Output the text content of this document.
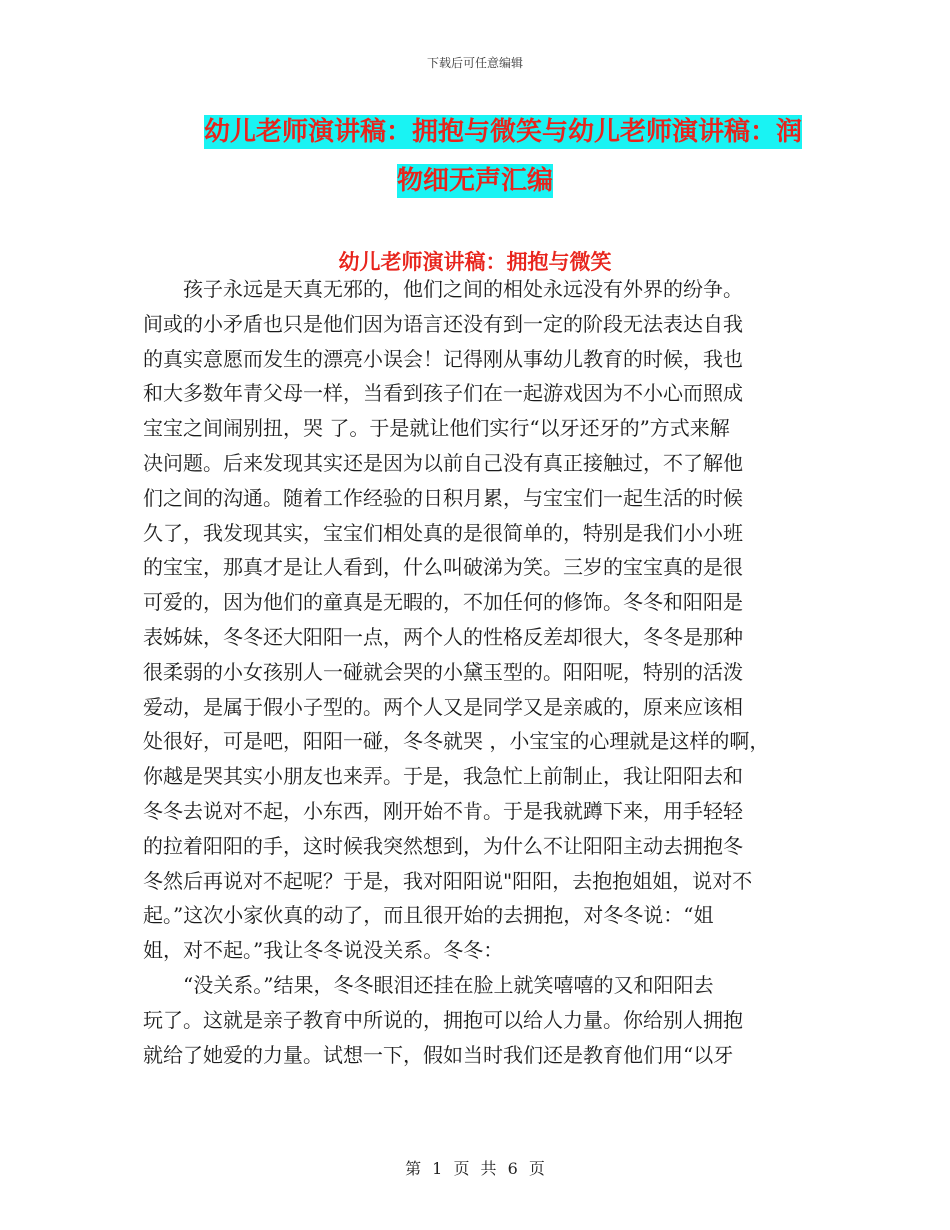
下载后可任意编辑
幼儿老师演讲稿：拥抱与微笑与幼儿老师演讲稿：润
物细无声汇编
幼儿老师演讲稿：拥抱与微笑
　　孩子永远是天真无邪的，他们之间的相处永远没有外界的纷争。
间或的小矛盾也只是他们因为语言还没有到一定的阶段无法表达自我
的真实意愿而发生的漂亮小误会！记得刚从事幼儿教育的时候，我也
和大多数年青父母一样，当看到孩子们在一起游戏因为不小心而照成
宝宝之间闹别扭，哭 了。于是就让他们实行“以牙还牙的”方式来解
决问题。后来发现其实还是因为以前自己没有真正接触过，不了解他
们之间的沟通。随着工作经验的日积月累，与宝宝们一起生活的时候
久了，我发现其实，宝宝们相处真的是很简单的，特别是我们小小班
的宝宝，那真才是让人看到，什么叫破涕为笑。三岁的宝宝真的是很
可爱的，因为他们的童真是无暇的，不加任何的修饰。冬冬和阳阳是
表姊妹，冬冬还大阳阳一点，两个人的性格反差却很大，冬冬是那种
很柔弱的小女孩别人一碰就会哭的小黛玉型的。阳阳呢，特别的活泼
爱动，是属于假小子型的。两个人又是同学又是亲戚的，原来应该相
处很好，可是吧，阳阳一碰，冬冬就哭 ，小宝宝的心理就是这样的啊，
你越是哭其实小朋友也来弄。于是，我急忙上前制止，我让阳阳去和
冬冬去说对不起，小东西，刚开始不肯。于是我就蹲下来，用手轻轻
的拉着阳阳的手，这时候我突然想到，为什么不让阳阳主动去拥抱冬
冬然后再说对不起呢？于是，我对阳阳说"阳阳，去抱抱姐姐，说对不
起。”这次小家伙真的动了，而且很开始的去拥抱，对冬冬说：“姐
姐，对不起。”我让冬冬说没关系。冬冬：
　　“没关系。”结果，冬冬眼泪还挂在脸上就笑嘻嘻的又和阳阳去
玩了。这就是亲子教育中所说的，拥抱可以给人力量。你给别人拥抱
就给了她爱的力量。试想一下，假如当时我们还是教育他们用“以牙
第 1 页 共 6 页
